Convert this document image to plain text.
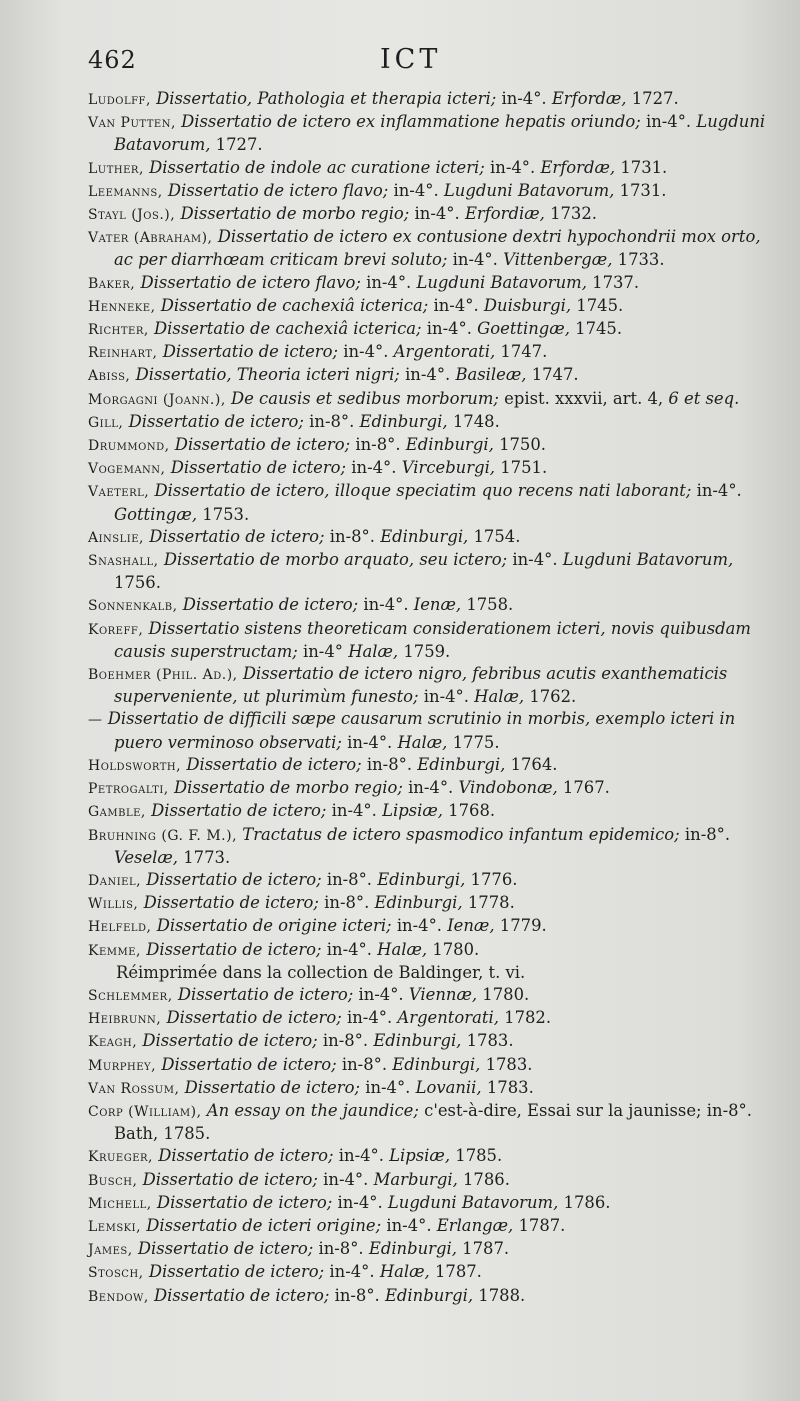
462	ICT
Ludolff, Dissertatio, Pathologia et therapia icteri; in-4°. Erfordæ, 1727.
Van Putten, Dissertatio de ictero ex inflammatione hepatis oriundo; in-4°. Lugduni Batavorum, 1727.
Luther, Dissertatio de indole ac curatione icteri; in-4°. Erfordæ, 1731.
Leemanns, Dissertatio de ictero flavo; in-4°. Lugduni Batavorum, 1731.
Stayl (Jos.), Dissertatio de morbo regio; in-4°. Erfordiæ, 1732.
Vater (Abraham), Dissertatio de ictero ex contusione dextri hypochondrii mox orto, ac per diarrhœam criticam brevi soluto; in-4°. Vittenbergæ, 1733.
Baker, Dissertatio de ictero flavo; in-4°. Lugduni Batavorum, 1737.
Henneke, Dissertatio de cachexiâ icterica; in-4°. Duisburgi, 1745.
Richter, Dissertatio de cachexiâ icterica; in-4°. Goettingæ, 1745.
Reinhart, Dissertatio de ictero; in-4°. Argentorati, 1747.
Abiss, Dissertatio, Theoria icteri nigri; in-4°. Basileæ, 1747.
Morgagni (Joann.), De causis et sedibus morborum; epist. xxxvii, art. 4, 6 et seq.
Gill, Dissertatio de ictero; in-8°. Edinburgi, 1748.
Drummond, Dissertatio de ictero; in-8°. Edinburgi, 1750.
Vogemann, Dissertatio de ictero; in-4°. Virceburgi, 1751.
Vaeterl, Dissertatio de ictero, illoque speciatim quo recens nati laborant; in-4°. Gottingæ, 1753.
Ainslie, Dissertatio de ictero; in-8°. Edinburgi, 1754.
Snashall, Dissertatio de morbo arquato, seu ictero; in-4°. Lugduni Batavorum, 1756.
Sonnenkalb, Dissertatio de ictero; in-4°. Ienæ, 1758.
Koreff, Dissertatio sistens theoreticam considerationem icteri, novis quibusdam causis superstructam; in-4° Halæ, 1759.
Boehmer (Phil. Ad.), Dissertatio de ictero nigro, febribus acutis exanthematicis superveniente, ut plurimùm funesto; in-4°. Halæ, 1762.
— Dissertatio de difficili sæpe causarum scrutinio in morbis, exemplo icteri in puero verminoso observati; in-4°. Halæ, 1775.
Holdsworth, Dissertatio de ictero; in-8°. Edinburgi, 1764.
Petrogalti, Dissertatio de morbo regio; in-4°. Vindobonæ, 1767.
Gamble, Dissertatio de ictero; in-4°. Lipsiæ, 1768.
Bruhning (G. F. M.), Tractatus de ictero spasmodico infantum epidemico; in-8°. Veselæ, 1773.
Daniel, Dissertatio de ictero; in-8°. Edinburgi, 1776.
Willis, Dissertatio de ictero; in-8°. Edinburgi, 1778.
Helfeld, Dissertatio de origine icteri; in-4°. Ienæ, 1779.
Kemme, Dissertatio de ictero; in-4°. Halæ, 1780.
Réimprimée dans la collection de Baldinger, t. vi.
Schlemmer, Dissertatio de ictero; in-4°. Viennæ, 1780.
Heibrunn, Dissertatio de ictero; in-4°. Argentorati, 1782.
Keagh, Dissertatio de ictero; in-8°. Edinburgi, 1783.
Murphey, Dissertatio de ictero; in-8°. Edinburgi, 1783.
Van Rossum, Dissertatio de ictero; in-4°. Lovanii, 1783.
Corp (William), An essay on the jaundice; c'est-à-dire, Essai sur la jaunisse; in-8°. Bath, 1785.
Krueger, Dissertatio de ictero; in-4°. Lipsiæ, 1785.
Busch, Dissertatio de ictero; in-4°. Marburgi, 1786.
Michell, Dissertatio de ictero; in-4°. Lugduni Batavorum, 1786.
Lemski, Dissertatio de icteri origine; in-4°. Erlangæ, 1787.
James, Dissertatio de ictero; in-8°. Edinburgi, 1787.
Stosch, Dissertatio de ictero; in-4°. Halæ, 1787.
Bendow, Dissertatio de ictero; in-8°. Edinburgi, 1788.
